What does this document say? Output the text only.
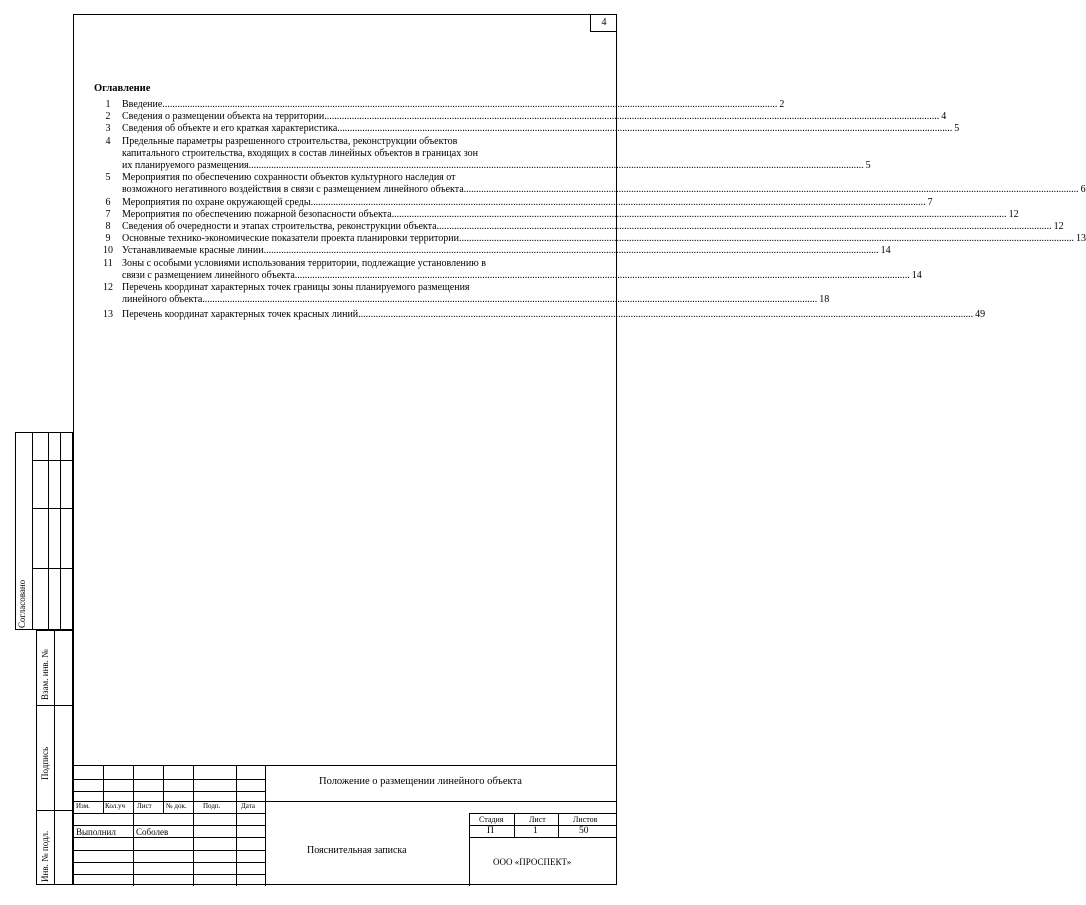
4
Оглавление
1	Введение .....	2
2	Сведения о размещении объекта на территории .....	4
3	Сведения об объекте и его краткая характеристика .....	5
4	Предельные параметры разрешенного строительства, реконструкции объектов
капитального строительства, входящих в состав линейных объектов в границах зон
их планируемого размещения .....	5
5	Мероприятия по обеспечению сохранности объектов культурного наследия от
возможного негативного воздействия в связи с размещением линейного объекта .....	6
6	Мероприятия по охране окружающей среды .....	7
7	Мероприятия по обеспечению пожарной безопасности объекта .....	12
8	Сведения об очередности и этапах строительства, реконструкции объекта .....	12
9	Основные технико-экономические показатели проекта планировки территории .....	13
10 Устанавливаемые красные линии .....	14
11 Зоны с особыми условиями использования территории, подлежащие установлению в
связи с размещением линейного объекта .....	14
12 Перечень координат характерных точек границы зоны планируемого размещения
линейного объекта .....	18
13 Перечень координат характерных точек красных линий .....	49
Согласовано
Взам. инв. №
Подпись
Инв. № подл.
Изм. Кол.уч Лист № док. Подп.	Дата
Выполнил Соболев
Положение о размещении линейного объекта
Пояснительная записка
Стадия	Лист	Листов
П	1	50
ООО «ПРОСПЕКТ»
